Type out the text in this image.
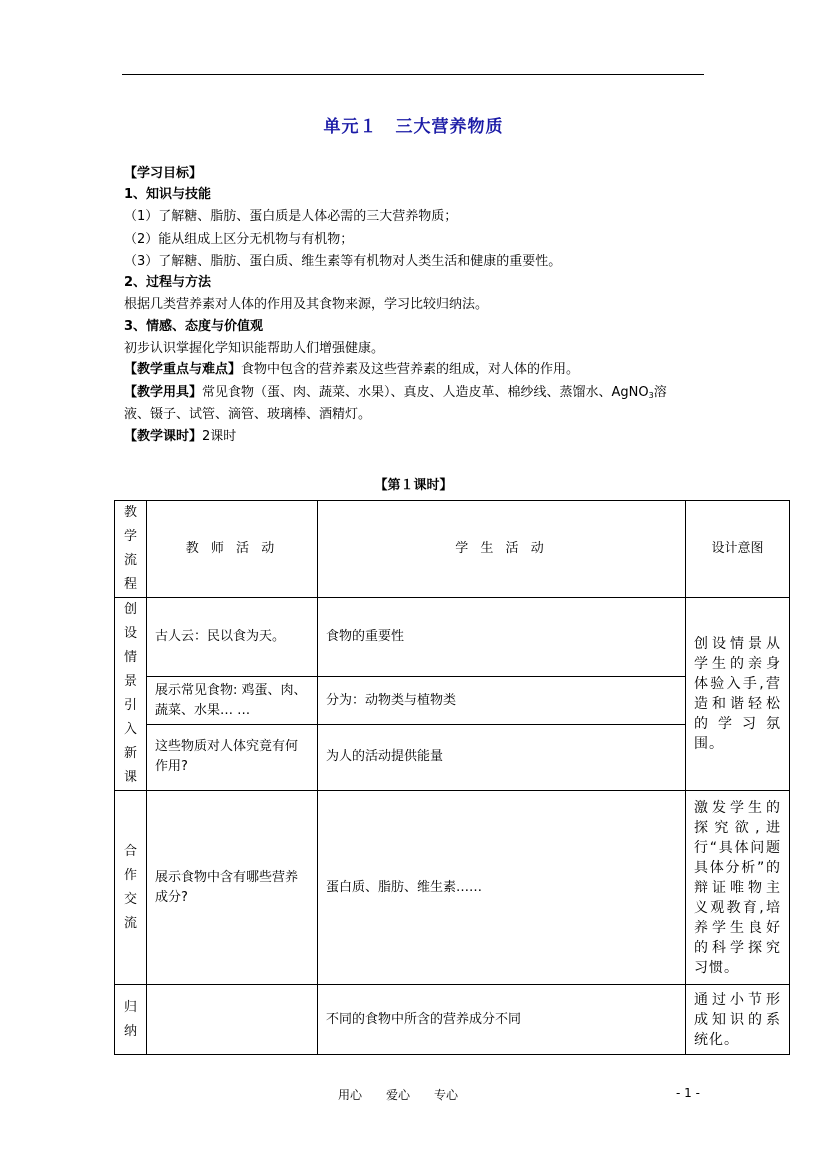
单元１　三大营养物质
【学习目标】
1、知识与技能
（1）了解糖、脂肪、蛋白质是人体必需的三大营养物质；
（2）能从组成上区分无机物与有机物；
（3）了解糖、脂肪、蛋白质、维生素等有机物对人类生活和健康的重要性。
2、过程与方法
根据几类营养素对人体的作用及其食物来源，学习比较归纳法。
3、情感、态度与价值观
初步认识掌握化学知识能帮助人们增强健康。
【教学重点与难点】食物中包含的营养素及这些营养素的组成，对人体的作用。
【教学用具】常见食物（蛋、肉、蔬菜、水果）、真皮、人造皮革、棉纱线、蒸馏水、AgNO$_3$溶
液、镊子、试管、滴管、玻璃棒、酒精灯。
【教学课时】2课时
【第１课时】
教学流程	教 师 活 动	学 生 活 动	设计意图
创设情景引入新课	古人云：民以食为天。	食物的重要性	创设情景从学生的亲身体验入手,营造和谐轻松的学习氛围。
	展示常见食物: 鸡蛋、肉、蔬菜、水果… …	分为：动物类与植物类	
	这些物质对人体究竟有何作用?	为人的活动提供能量	
合作交流	展示食物中含有哪些营养成分?	蛋白质、脂肪、维生素……	激发学生的探究欲,进行“具体问题具体分析”的辩证唯物主义观教育,培养学生良好的科学探究习惯。
归纳		不同的食物中所含的营养成分不同	通过小节形成知识的系统化。
用心　　爱心　　专心	- 1 -
